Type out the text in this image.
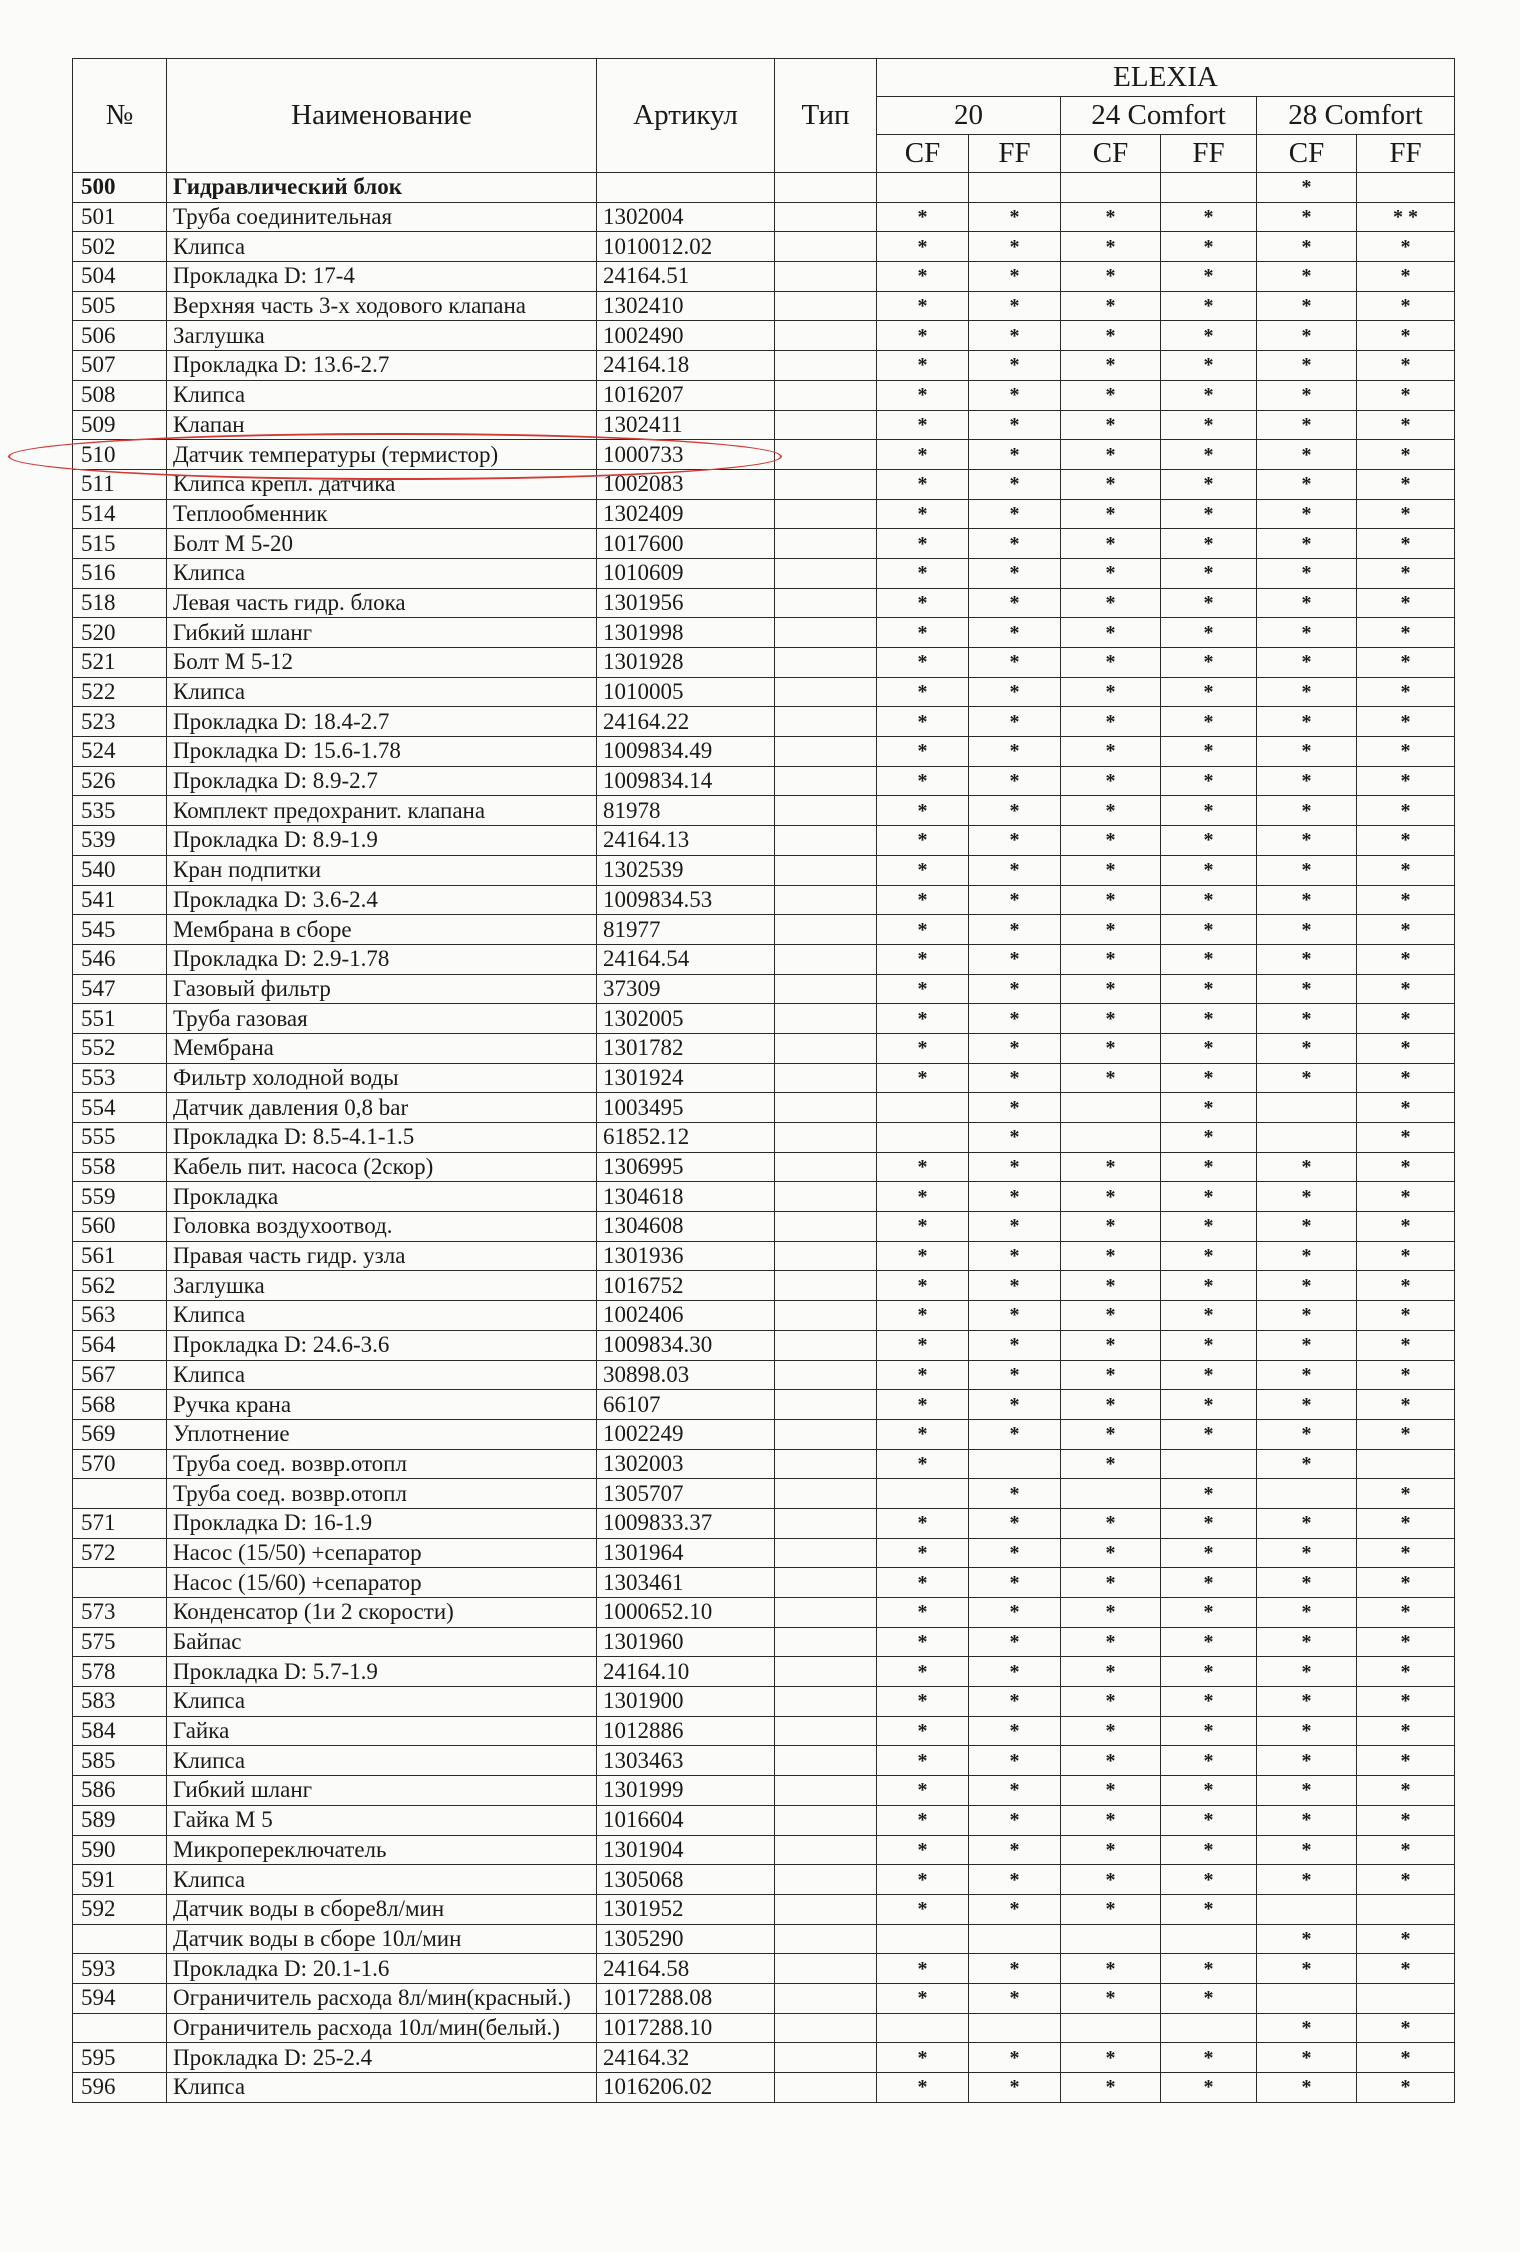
№	Наименование	Артикул	Тип	ELEXIA					
				20		24 Comfort		28 Comfort	
				CF	FF	CF	FF	CF	FF
500	Гидравлический блок							*	
501	Труба соединительная	1302004		*	*	*	*	*	* *
502	Клипса	1010012.02		*	*	*	*	*	*
504	Прокладка D: 17-4	24164.51		*	*	*	*	*	*
505	Верхняя часть 3-х ходового клапана	1302410		*	*	*	*	*	*
506	Заглушка	1002490		*	*	*	*	*	*
507	Прокладка D: 13.6-2.7	24164.18		*	*	*	*	*	*
508	Клипса	1016207		*	*	*	*	*	*
509	Клапан	1302411		*	*	*	*	*	*
510	Датчик температуры (термистор)	1000733		*	*	*	*	*	*
511	Клипса крепл. датчика	1002083		*	*	*	*	*	*
514	Теплообменник	1302409		*	*	*	*	*	*
515	Болт М 5-20	1017600		*	*	*	*	*	*
516	Клипса	1010609		*	*	*	*	*	*
518	Левая часть гидр. блока	1301956		*	*	*	*	*	*
520	Гибкий шланг	1301998		*	*	*	*	*	*
521	Болт М 5-12	1301928		*	*	*	*	*	*
522	Клипса	1010005		*	*	*	*	*	*
523	Прокладка D: 18.4-2.7	24164.22		*	*	*	*	*	*
524	Прокладка D: 15.6-1.78	1009834.49		*	*	*	*	*	*
526	Прокладка D: 8.9-2.7	1009834.14		*	*	*	*	*	*
535	Комплект предохранит. клапана	81978		*	*	*	*	*	*
539	Прокладка D: 8.9-1.9	24164.13		*	*	*	*	*	*
540	Кран подпитки	1302539		*	*	*	*	*	*
541	Прокладка D: 3.6-2.4	1009834.53		*	*	*	*	*	*
545	Мембрана в сборе	81977		*	*	*	*	*	*
546	Прокладка D: 2.9-1.78	24164.54		*	*	*	*	*	*
547	Газовый фильтр	37309		*	*	*	*	*	*
551	Труба газовая	1302005		*	*	*	*	*	*
552	Мембрана	1301782		*	*	*	*	*	*
553	Фильтр холодной воды	1301924		*	*	*	*	*	*
554	Датчик давления 0,8 bar	1003495			*		*		*
555	Прокладка D: 8.5-4.1-1.5	61852.12			*		*		*
558	Кабель пит. насоса (2скор)	1306995		*	*	*	*	*	*
559	Прокладка	1304618		*	*	*	*	*	*
560	Головка воздухоотвод.	1304608		*	*	*	*	*	*
561	Правая часть гидр. узла	1301936		*	*	*	*	*	*
562	Заглушка	1016752		*	*	*	*	*	*
563	Клипса	1002406		*	*	*	*	*	*
564	Прокладка D: 24.6-3.6	1009834.30		*	*	*	*	*	*
567	Клипса	30898.03		*	*	*	*	*	*
568	Ручка крана	66107		*	*	*	*	*	*
569	Уплотнение	1002249		*	*	*	*	*	*
570	Труба соед. возвр.отопл	1302003		*		*		*	
	Труба соед. возвр.отопл	1305707			*		*		*
571	Прокладка D: 16-1.9	1009833.37		*	*	*	*	*	*
572	Насос (15/50) +сепаратор	1301964		*	*	*	*	*	*
	Насос (15/60) +сепаратор	1303461		*	*	*	*	*	*
573	Конденсатор (1и 2 скорости)	1000652.10		*	*	*	*	*	*
575	Байпас	1301960		*	*	*	*	*	*
578	Прокладка D: 5.7-1.9	24164.10		*	*	*	*	*	*
583	Клипса	1301900		*	*	*	*	*	*
584	Гайка	1012886		*	*	*	*	*	*
585	Клипса	1303463		*	*	*	*	*	*
586	Гибкий шланг	1301999		*	*	*	*	*	*
589	Гайка М 5	1016604		*	*	*	*	*	*
590	Микропереключатель	1301904		*	*	*	*	*	*
591	Клипса	1305068		*	*	*	*	*	*
592	Датчик воды в сборе8л/мин	1301952		*	*	*	*		
	Датчик воды в сборе 10л/мин	1305290						*	*
593	Прокладка D: 20.1-1.6	24164.58		*	*	*	*	*	*
594	Ограничитель расхода 8л/мин(красный.)	1017288.08		*	*	*	*		
	Ограничитель расхода 10л/мин(белый.)	1017288.10						*	*
595	Прокладка D: 25-2.4	24164.32		*	*	*	*	*	*
596	Клипса	1016206.02		*	*	*	*	*	*
